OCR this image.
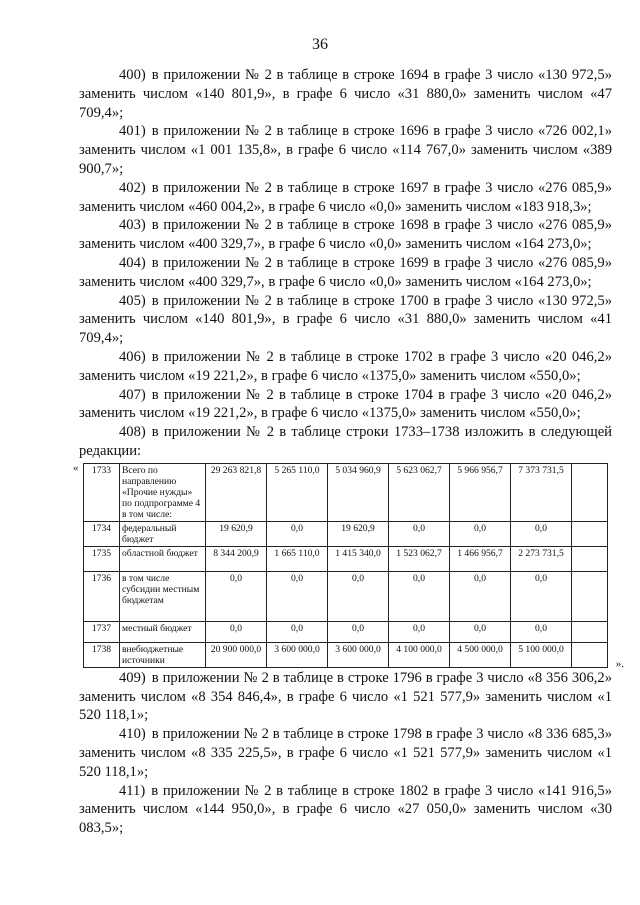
36

400) в приложении № 2 в таблице в строке 1694 в графе 3 число «130 972,5» заменить числом «140 801,9», в графе 6 число «31 880,0» заменить числом «47 709,4»;

401) в приложении № 2 в таблице в строке 1696 в графе 3 число «726 002,1» заменить числом «1 001 135,8», в графе 6 число «114 767,0» заменить числом «389 900,7»;

402) в приложении № 2 в таблице в строке 1697 в графе 3 число «276 085,9» заменить числом «460 004,2», в графе 6 число «0,0» заменить числом «183 918,3»;

403) в приложении № 2 в таблице в строке 1698 в графе 3 число «276 085,9» заменить числом «400 329,7», в графе 6 число «0,0» заменить числом «164 273,0»;

404) в приложении № 2 в таблице в строке 1699 в графе 3 число «276 085,9» заменить числом «400 329,7», в графе 6 число «0,0» заменить числом «164 273,0»;

405) в приложении № 2 в таблице в строке 1700 в графе 3 число «130 972,5» заменить числом «140 801,9», в графе 6 число «31 880,0» заменить числом «41 709,4»;

406) в приложении № 2 в таблице в строке 1702 в графе 3 число «20 046,2» заменить числом «19 221,2», в графе 6 число «1375,0» заменить числом «550,0»;

407) в приложении № 2 в таблице в строке 1704 в графе 3 число «20 046,2» заменить числом «19 221,2», в графе 6 число «1375,0» заменить числом «550,0»;

408) в приложении № 2 в таблице строки 1733–1738 изложить в следующей редакции:

« 1733	Всего по направлению «Прочие нужды» по подпрограмме 4 в том числе:	29 263 821,8	5 265 110,0	5 034 960,9	5 623 062,7	5 966 956,7	7 373 731,5	
1734	федеральный бюджет	19 620,9	0,0	19 620,9	0,0	0,0	0,0	
1735	областной бюджет	8 344 200,9	1 665 110,0	1 415 340,0	1 523 062,7	1 466 956,7	2 273 731,5	
1736	в том числе субсидии местным бюджетам	0,0	0,0	0,0	0,0	0,0	0,0	
1737	местный бюджет	0,0	0,0	0,0	0,0	0,0	0,0	
1738	внебюджетные источники	20 900 000,0	3 600 000,0	3 600 000,0	4 100 000,0	4 500 000,0	5 100 000,0	
».

409) в приложении № 2 в таблице в строке 1796 в графе 3 число «8 356 306,2» заменить числом «8 354 846,4», в графе 6 число «1 521 577,9» заменить числом «1 520 118,1»;

410) в приложении № 2 в таблице в строке 1798 в графе 3 число «8 336 685,3» заменить числом «8 335 225,5», в графе 6 число «1 521 577,9» заменить числом «1 520 118,1»;

411) в приложении № 2 в таблице в строке 1802 в графе 3 число «141 916,5» заменить числом «144 950,0», в графе 6 число «27 050,0» заменить числом «30 083,5»;
